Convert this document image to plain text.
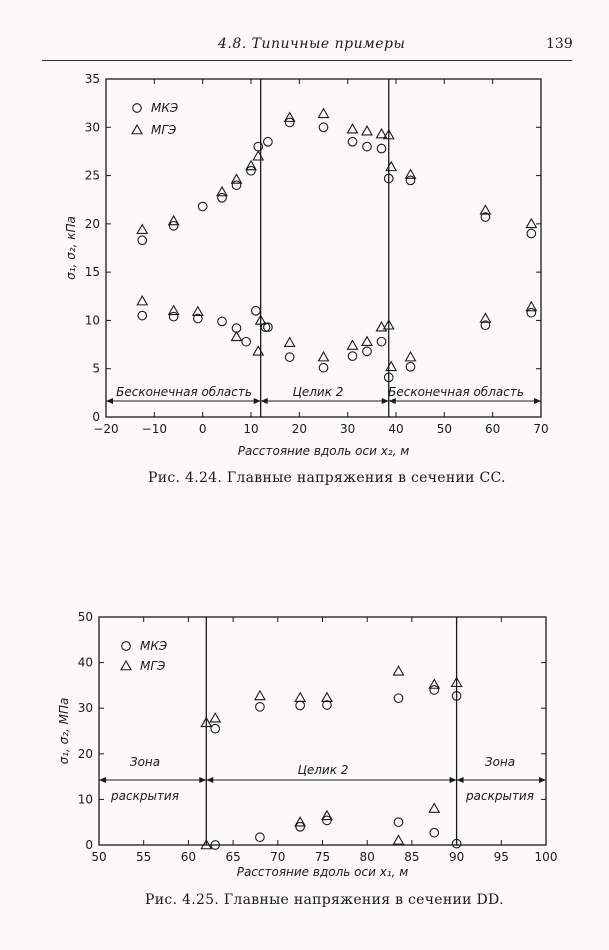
4.8. Типичные примеры	139
−20 −10	0	10	20	30	40	50	60	70
0
5
10
15
20
25
30
35
Расстояние вдоль оси x₂, м
σ₁, σ₂, кПа
Бесконечная область	Целик 2	Бесконечная область
МКЭ
МГЭ
Рис. 4.24. Главные напряжения в сечении CC.
50 55 60 65 70 75 80 85 90 95 100
0
10
20
30
40
50
Расстояние вдоль оси x₁, м
σ₁, σ₂, МПа	Зона
раскрытия
Целик 2
Зона
раскрытия
МКЭ
МГЭ
Рис. 4.25. Главные напряжения в сечении DD.
